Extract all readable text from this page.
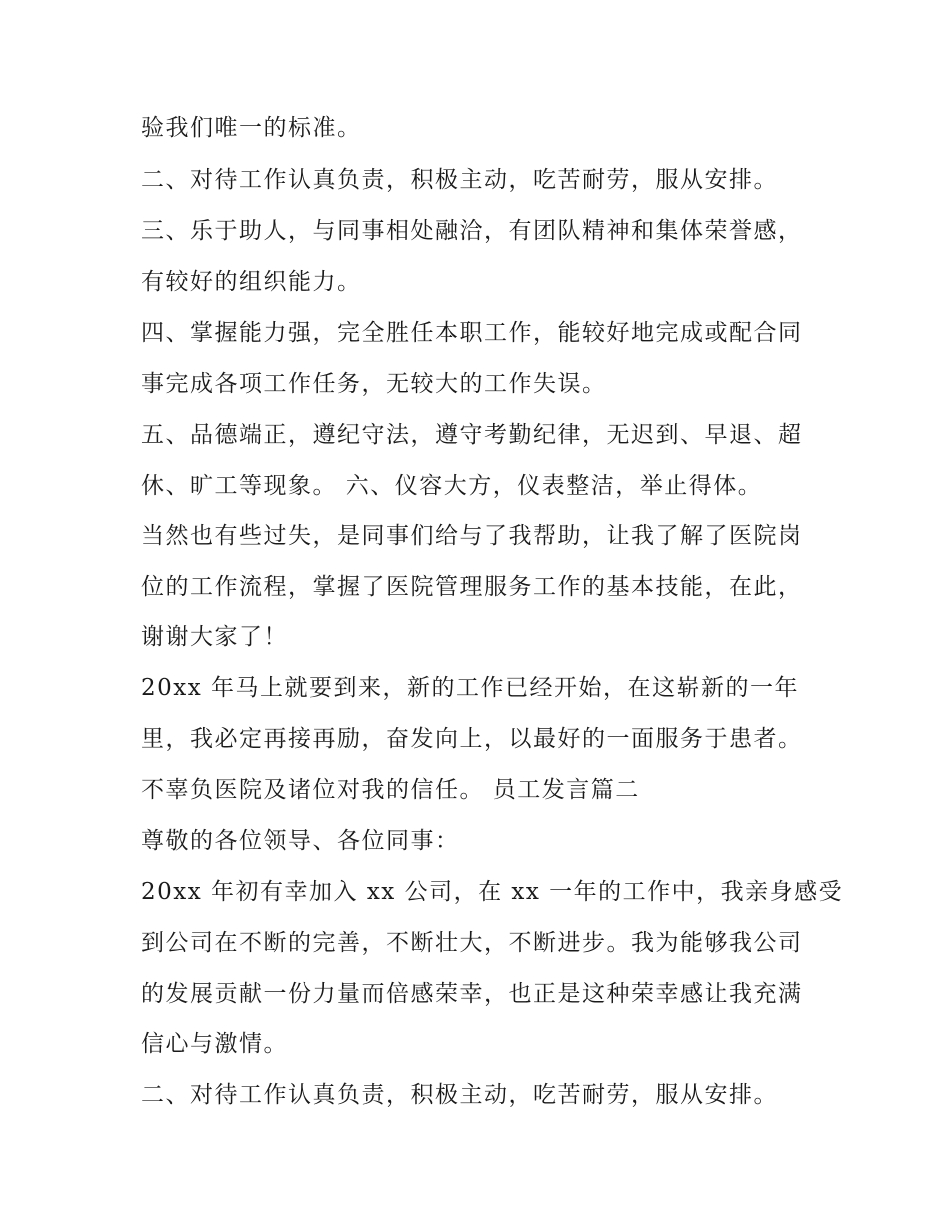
验我们唯一的标准。
二、对待工作认真负责，积极主动，吃苦耐劳，服从安排。
三、乐于助人，与同事相处融洽，有团队精神和集体荣誉感，
有较好的组织能力。
四、掌握能力强，完全胜任本职工作，能较好地完成或配合同
事完成各项工作任务，无较大的工作失误。
五、品德端正，遵纪守法，遵守考勤纪律，无迟到、早退、超
休、旷工等现象。 六、仪容大方，仪表整洁，举止得体。
当然也有些过失，是同事们给与了我帮助，让我了解了医院岗
位的工作流程，掌握了医院管理服务工作的基本技能，在此，
谢谢大家了！
20xx 年马上就要到来，新的工作已经开始，在这崭新的一年
里，我必定再接再励，奋发向上，以最好的一面服务于患者。
不辜负医院及诸位对我的信任。 员工发言篇二
尊敬的各位领导、各位同事：
20xx 年初有幸加入 xx 公司，在 xx 一年的工作中，我亲身感受
到公司在不断的完善，不断壮大，不断进步。我为能够我公司
的发展贡献一份力量而倍感荣幸，也正是这种荣幸感让我充满
信心与激情。
二、对待工作认真负责，积极主动，吃苦耐劳，服从安排。
